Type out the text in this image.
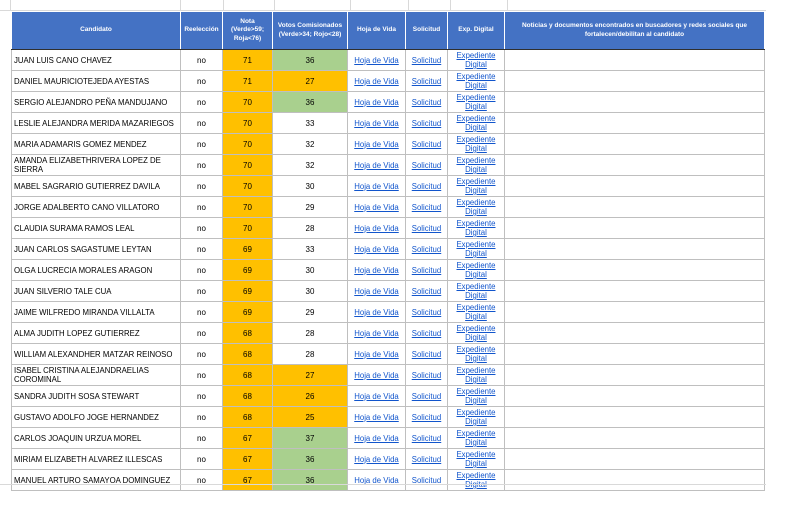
Candidato	Reelección	Nota (Verde>59; Roja<76)	Votos Comisionados (Verde>34; Rojo<28)	Hoja de Vida	Solicitud	Exp. Digital	Noticias y documentos encontrados en buscadores y redes sociales que fortalecen/debilitan al candidato
JUAN LUIS CANO CHAVEZ	no	71	36	Hoja de Vida	Solicitud	Expediente
Digital	

DANIEL MAURICIOTEJEDA AYESTAS	no	71	27	Hoja de Vida	Solicitud	Expediente
Digital	

SERGIO ALEJANDRO PEÑA MANDUJANO	no	70	36	Hoja de Vida	Solicitud	Expediente
Digital	

LESLIE ALEJANDRA MERIDA MAZARIEGOS	no	70	33	Hoja de Vida	Solicitud	Expediente
Digital	

MARIA ADAMARIS GOMEZ MENDEZ	no	70	32	Hoja de Vida	Solicitud	Expediente
Digital	

AMANDA ELIZABETHRIVERA LOPEZ DE SIERRA	no	70	32	Hoja de Vida	Solicitud	Expediente
Digital	

MABEL SAGRARIO GUTIERREZ DAVILA	no	70	30	Hoja de Vida	Solicitud	Expediente
Digital	

JORGE ADALBERTO CANO VILLATORO	no	70	29	Hoja de Vida	Solicitud	Expediente
Digital	

CLAUDIA SURAMA RAMOS LEAL	no	70	28	Hoja de Vida	Solicitud	Expediente
Digital	

JUAN CARLOS SAGASTUME LEYTAN	no	69	33	Hoja de Vida	Solicitud	Expediente
Digital	

OLGA LUCRECIA MORALES ARAGON	no	69	30	Hoja de Vida	Solicitud	Expediente
Digital	

JUAN SILVERIO TALE CUA	no	69	30	Hoja de Vida	Solicitud	Expediente
Digital	

JAIME WILFREDO MIRANDA VILLALTA	no	69	29	Hoja de Vida	Solicitud	Expediente
Digital	

ALMA JUDITH LOPEZ GUTIERREZ	no	68	28	Hoja de Vida	Solicitud	Expediente
Digital	

WILLIAM ALEXANDHER MATZAR REINOSO	no	68	28	Hoja de Vida	Solicitud	Expediente
Digital	

ISABEL CRISTINA ALEJANDRAELIAS COROMINAL	no	68	27	Hoja de Vida	Solicitud	Expediente
Digital	

SANDRA JUDITH SOSA STEWART	no	68	26	Hoja de Vida	Solicitud	Expediente
Digital	

GUSTAVO ADOLFO JOGE HERNANDEZ	no	68	25	Hoja de Vida	Solicitud	Expediente
Digital	

CARLOS JOAQUIN URZUA MOREL	no	67	37	Hoja de Vida	Solicitud	Expediente
Digital	

MIRIAM ELIZABETH ALVAREZ ILLESCAS	no	67	36	Hoja de Vida	Solicitud	Expediente
Digital	

MANUEL ARTURO SAMAYOA DOMINGUEZ	no	67	36	Hoja de Vida	Solicitud	Expediente	
